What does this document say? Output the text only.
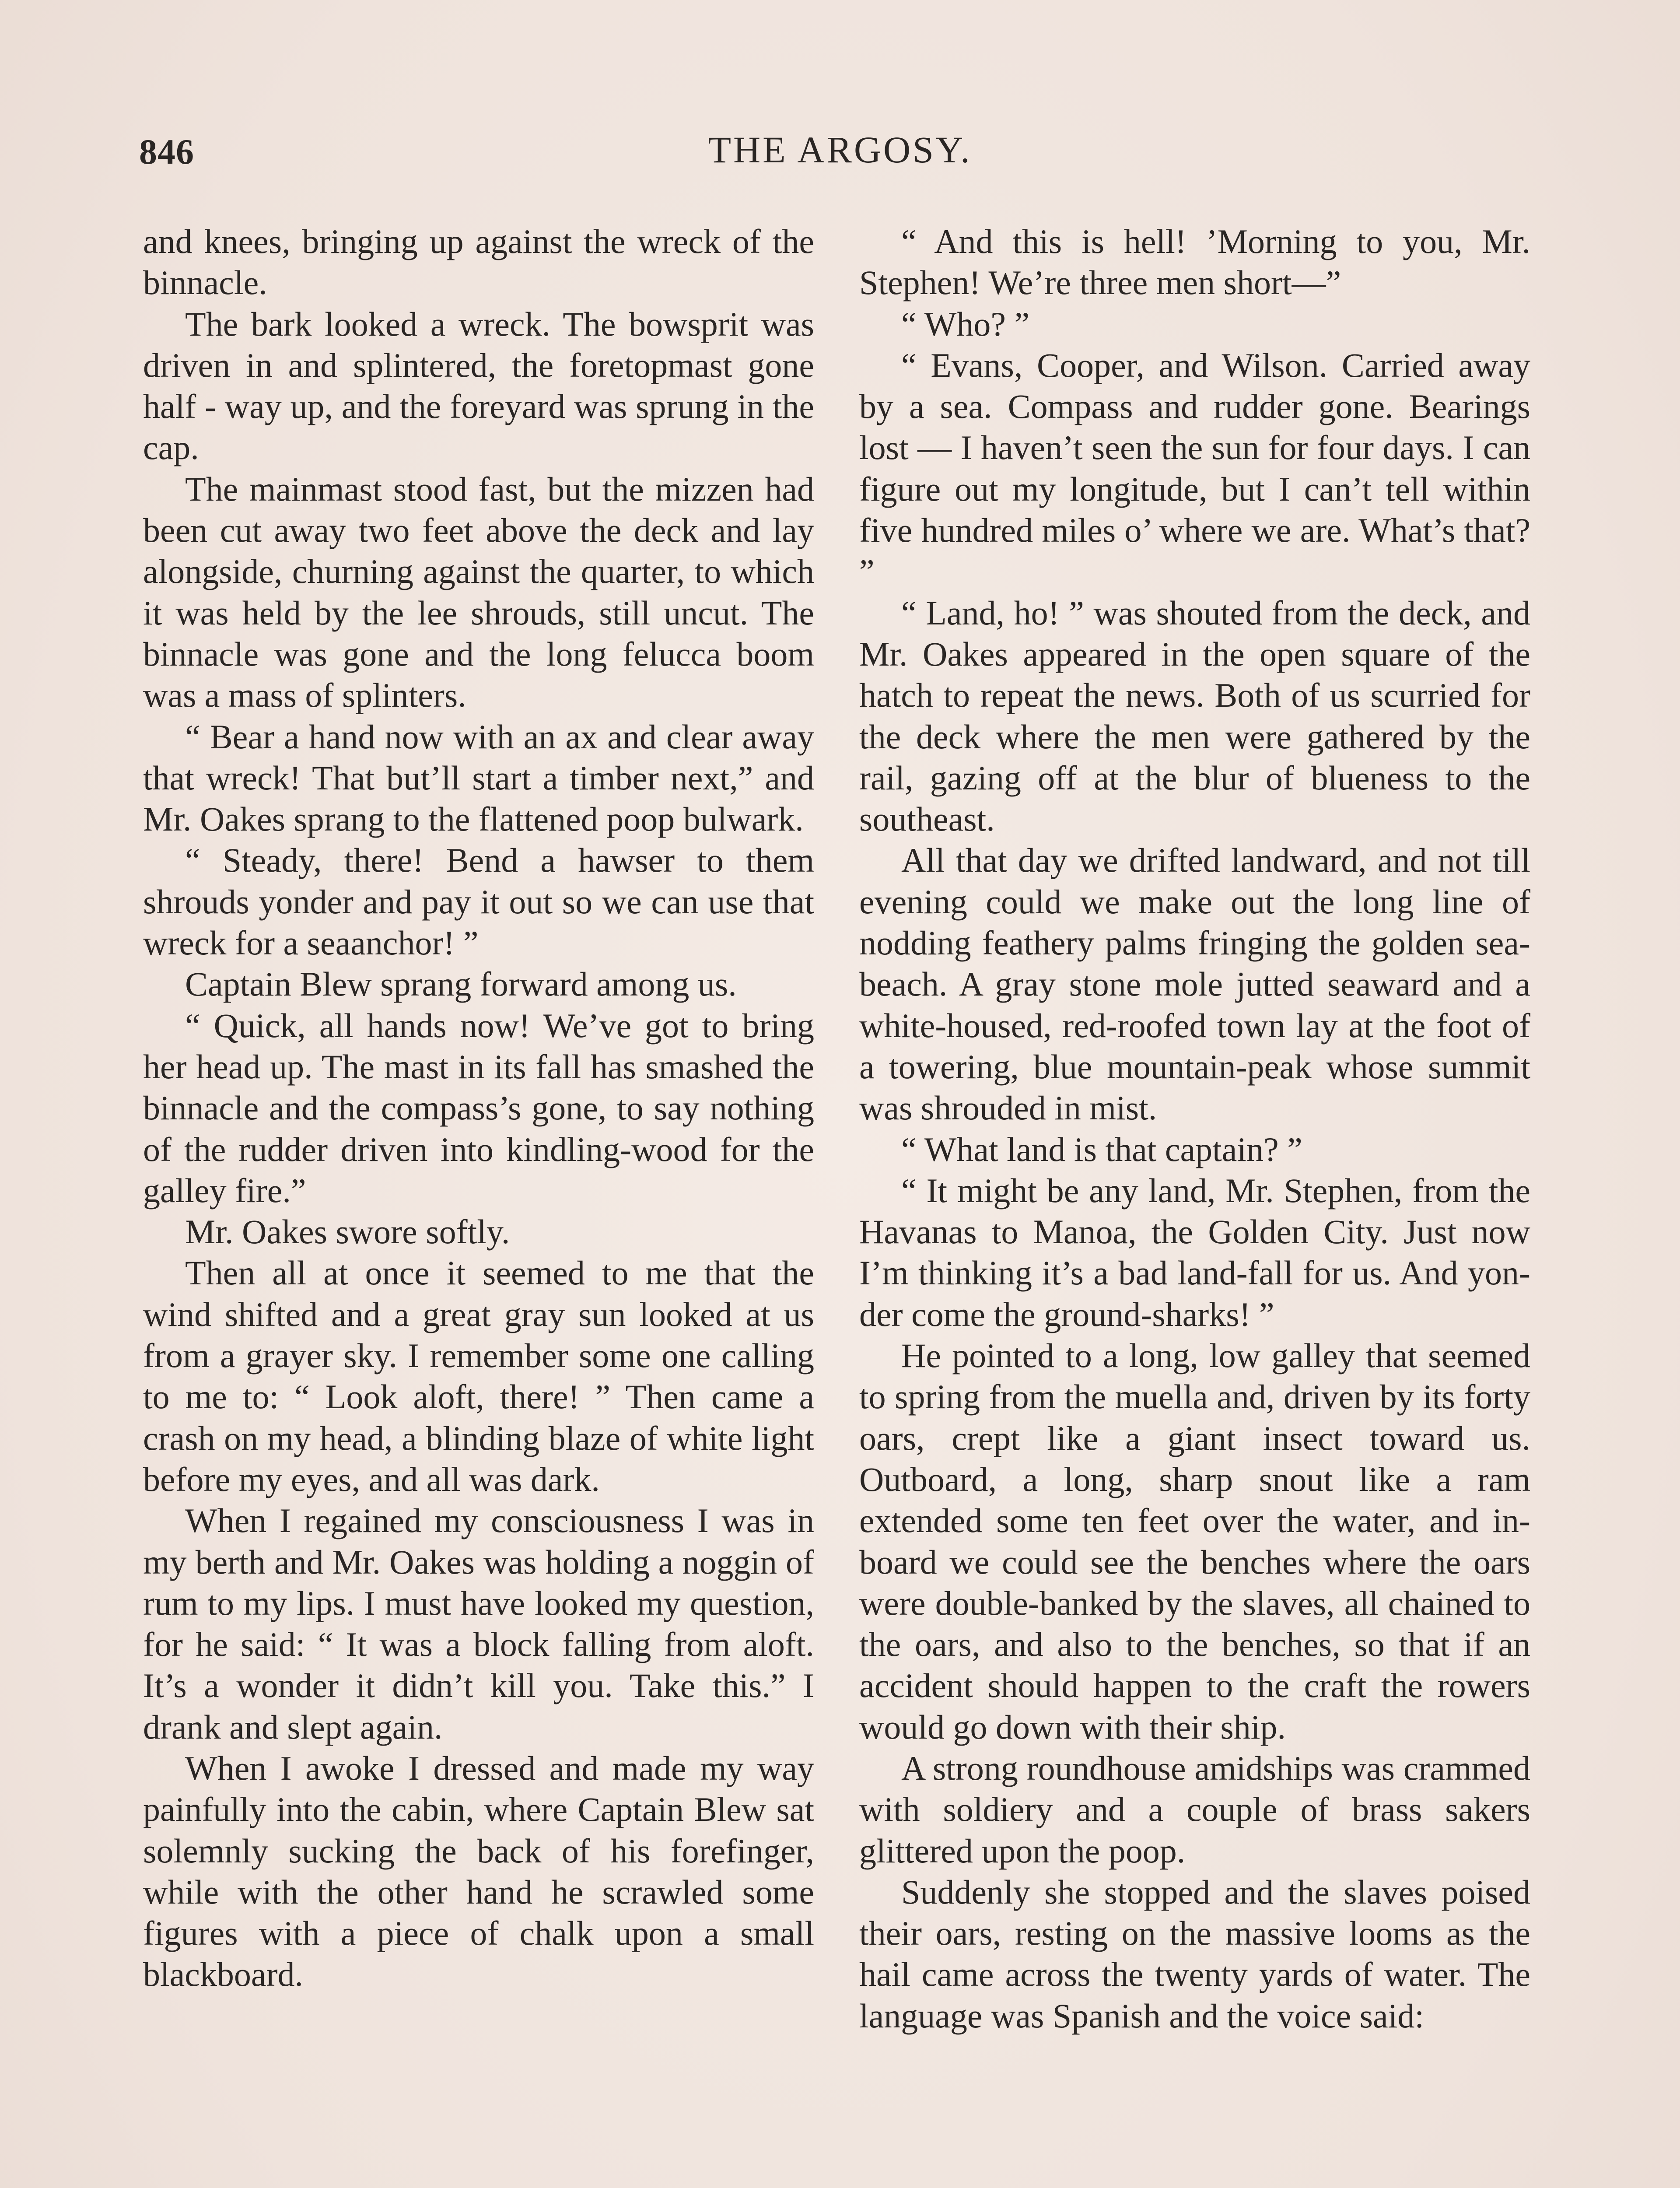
846	THE ARGOSY.

and knees, bringing up against the wreck of the binnacle.

The bark looked a wreck. The bowsprit was driven in and splintered, the foretopmast gone half - way up, and the foreyard was sprung in the cap.

The mainmast stood fast, but the mizzen had been cut away two feet above the deck and lay alongside, churning against the quarter, to which it was held by the lee shrouds, still uncut. The binnacle was gone and the long felucca boom was a mass of splinters.

“ Bear a hand now with an ax and clear away that wreck! That but’ll start a timber next,” and Mr. Oakes sprang to the flattened poop bulwark.

“ Steady, there! Bend a hawser to them shrouds yonder and pay it out so we can use that wreck for a seaanchor! ”

Captain Blew sprang forward among us.

“ Quick, all hands now! We’ve got to bring her head up. The mast in its fall has smashed the binnacle and the compass’s gone, to say nothing of the rudder driven into kindling-wood for the galley fire.”

Mr. Oakes swore softly.

Then all at once it seemed to me that the wind shifted and a great gray sun looked at us from a grayer sky. I remember some one calling to me to: “ Look aloft, there! ” Then came a crash on my head, a blinding blaze of white light before my eyes, and all was dark.

When I regained my consciousness I was in my berth and Mr. Oakes was holding a noggin of rum to my lips. I must have looked my question, for he said: “ It was a block falling from aloft. It’s a wonder it didn’t kill you. Take this.” I drank and slept again.

When I awoke I dressed and made my way painfully into the cabin, where Captain Blew sat solemnly sucking the back of his forefinger, while with the other hand he scrawled some figures with a piece of chalk upon a small blackboard.

“ And this is hell! ’Morning to you, Mr. Stephen! We’re three men short—”

“ Who? ”

“ Evans, Cooper, and Wilson. Carried away by a sea. Compass and rudder gone. Bearings lost — I haven’t seen the sun for four days. I can figure out my longitude, but I can’t tell within five hundred miles o’ where we are. What’s that? ”

“ Land, ho! ” was shouted from the deck, and Mr. Oakes appeared in the open square of the hatch to repeat the news. Both of us scurried for the deck where the men were gathered by the rail, gazing off at the blur of blueness to the southeast.

All that day we drifted landward, and not till evening could we make out the long line of nodding feathery palms fringing the golden sea-beach. A gray stone mole jutted seaward and a white-housed, red-roofed town lay at the foot of a towering, blue mountain-peak whose summit was shrouded in mist.

“ What land is that captain? ”

“ It might be any land, Mr. Stephen, from the Havanas to Manoa, the Golden City. Just now I’m thinking it’s a bad land-fall for us. And yonder come the ground-sharks! ”

He pointed to a long, low galley that seemed to spring from the muella and, driven by its forty oars, crept like a giant insect toward us. Outboard, a long, sharp snout like a ram extended some ten feet over the water, and inboard we could see the benches where the oars were double-banked by the slaves, all chained to the oars, and also to the benches, so that if an accident should happen to the craft the rowers would go down with their ship.

A strong roundhouse amidships was crammed with soldiery and a couple of brass sakers glittered upon the poop.

Suddenly she stopped and the slaves poised their oars, resting on the massive looms as the hail came across the twenty yards of water. The language was Spanish and the voice said:
